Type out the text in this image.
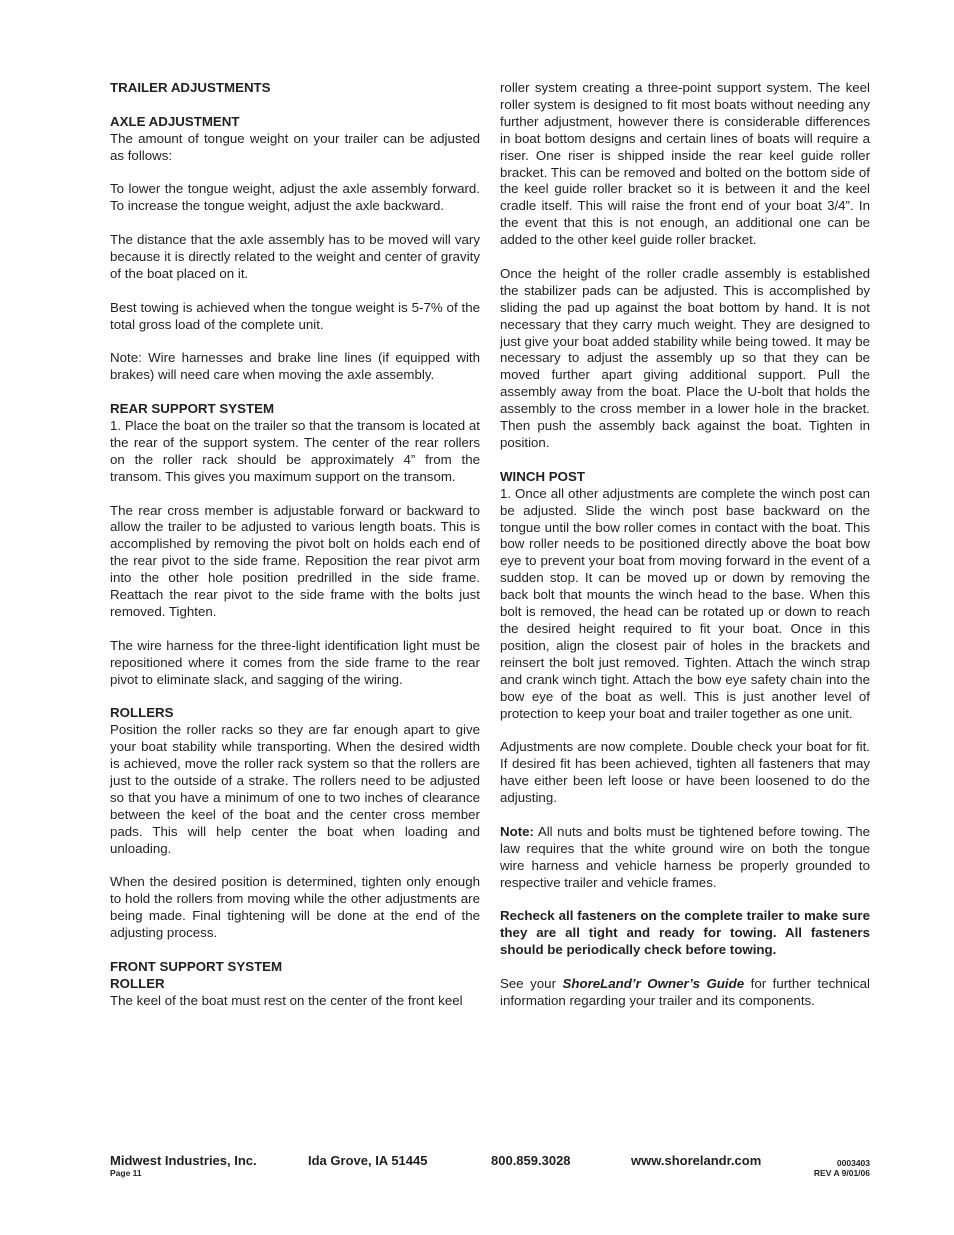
TRAILER ADJUSTMENTS
AXLE ADJUSTMENT

The amount of tongue weight on your trailer can be adjusted as follows:

To lower the tongue weight, adjust the axle assembly forward. To increase the tongue weight, adjust the axle backward.

The distance that the axle assembly has to be moved will vary because it is directly related to the weight and center of gravity of the boat placed on it.

Best towing is achieved when the tongue weight is 5-7% of the total gross load of the complete unit.

Note: Wire harnesses and brake line lines (if equipped with brakes) will need care when moving the axle assembly.

REAR SUPPORT SYSTEM

1. Place the boat on the trailer so that the transom is located at the rear of the support system. The center of the rear rollers on the roller rack should be approximately 4” from the transom. This gives you maximum support on the transom.

The rear cross member is adjustable forward or backward to allow the trailer to be adjusted to various length boats. This is accomplished by removing the pivot bolt on holds each end of the rear pivot to the side frame. Reposition the rear pivot arm into the other hole position predrilled in the side frame. Reattach the rear pivot to the side frame with the bolts just removed. Tighten.

The wire harness for the three-light identification light must be repositioned where it comes from the side frame to the rear pivot to eliminate slack, and sagging of the wiring.

ROLLERS

Position the roller racks so they are far enough apart to give your boat stability while transporting. When the desired width is achieved, move the roller rack system so that the rollers are just to the outside of a strake. The rollers need to be adjusted so that you have a minimum of one to two inches of clearance between the keel of the boat and the center cross member pads. This will help center the boat when loading and unloading.

When the desired position is determined, tighten only enough to hold the rollers from moving while the other adjustments are being made. Final tightening will be done at the end of the adjusting process.

FRONT SUPPORT SYSTEM
ROLLER

The keel of the boat must rest on the center of the front keel

roller system creating a three-point support system. The keel roller system is designed to fit most boats without needing any further adjustment, however there is considerable differences in boat bottom designs and certain lines of boats will require a riser. One riser is shipped inside the rear keel guide roller bracket. This can be removed and bolted on the bottom side of the keel guide roller bracket so it is between it and the keel cradle itself. This will raise the front end of your boat 3/4”. In the event that this is not enough, an additional one can be added to the other keel guide roller bracket.

Once the height of the roller cradle assembly is established the stabilizer pads can be adjusted. This is accomplished by sliding the pad up against the boat bottom by hand. It is not necessary that they carry much weight. They are designed to just give your boat added stability while being towed. It may be necessary to adjust the assembly up so that they can be moved further apart giving additional support. Pull the assembly away from the boat. Place the U-bolt that holds the assembly to the cross member in a lower hole in the bracket. Then push the assembly back against the boat. Tighten in position.

WINCH POST

1. Once all other adjustments are complete the winch post can be adjusted. Slide the winch post base backward on the tongue until the bow roller comes in contact with the boat. This bow roller needs to be positioned directly above the boat bow eye to prevent your boat from moving forward in the event of a sudden stop. It can be moved up or down by removing the back bolt that mounts the winch head to the base. When this bolt is removed, the head can be rotated up or down to reach the desired height required to fit your boat. Once in this position, align the closest pair of holes in the brackets and reinsert the bolt just removed. Tighten. Attach the winch strap and crank winch tight. Attach the bow eye safety chain into the bow eye of the boat as well. This is just another level of protection to keep your boat and trailer together as one unit.

Adjustments are now complete. Double check your boat for fit. If desired fit has been achieved, tighten all fasteners that may have either been left loose or have been loosened to do the adjusting.

Note: All nuts and bolts must be tightened before towing. The law requires that the white ground wire on both the tongue wire harness and vehicle harness be properly grounded to respective trailer and vehicle frames.

Recheck all fasteners on the complete trailer to make sure they are all tight and ready for towing. All fasteners should be periodically check before towing.

See your ShoreLand’r Owner’s Guide for further technical information regarding your trailer and its components.

Midwest Industries, Inc.	Ida Grove, IA 51445	800.859.3028	www.shorelandr.com
Page 11
0003403
REV A 9/01/06
